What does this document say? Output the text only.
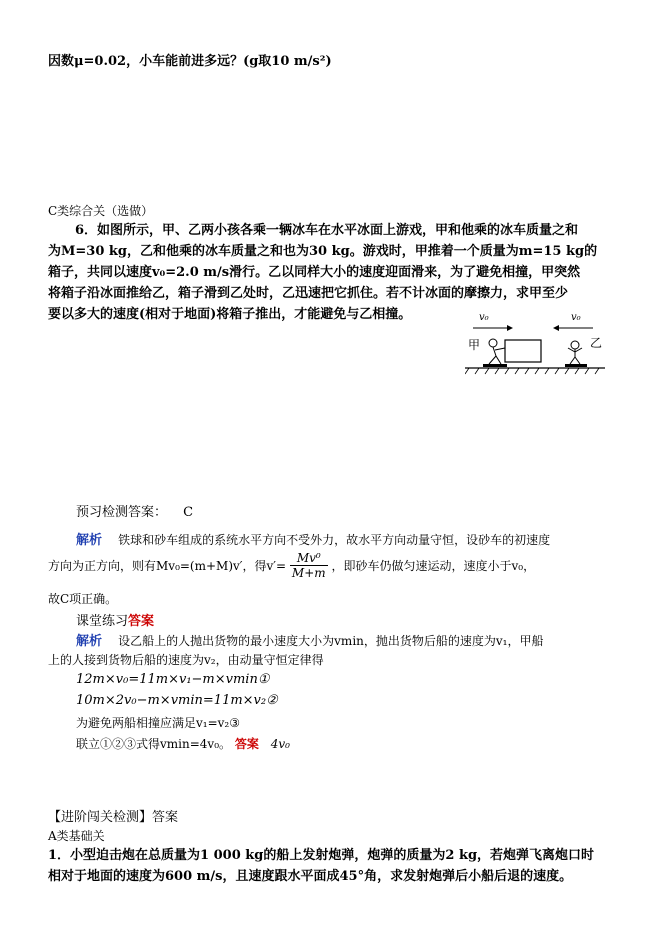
因数μ=0.02，小车能前进多远？(g取10 m/s²)
C类综合关（选做）
6．如图所示，甲、乙两小孩各乘一辆冰车在水平冰面上游戏，甲和他乘的冰车质量之和
为M=30 kg，乙和他乘的冰车质量之和也为30 kg。游戏时，甲推着一个质量为m=15 kg的
箱子，共同以速度v₀=2.0 m/s滑行。乙以同样大小的速度迎面滑来，为了避免相撞，甲突然
将箱子沿冰面推给乙，箱子滑到乙处时，乙迅速把它抓住。若不计冰面的摩擦力，求甲至少
要以多大的速度(相对于地面)将箱子推出，才能避免与乙相撞。	v₀	v₀
甲	乙
预习检测答案： C
解析 铁球和砂车组成的系统水平方向不受外力，故水平方向动量守恒，设砂车的初速度
方向为正方向，则有Mv₀=(m+M)v′，得$v'= \frac{\text{Mv⁰}}{M+m}$ ，即砂车仍做匀速运动，速度小于v₀，
故C项正确。
课堂练习答案
解析 设乙船上的人抛出货物的最小速度大小为vmin，抛出货物后船的速度为v₁，甲船
上的人接到货物后船的速度为v₂，由动量守恒定律得
12m×v₀=11m×v₁−m×vmin①
10m×2v₀−m×vmin=11m×v₂②
为避免两船相撞应满足v₁=v₂③
联立①②③式得vmin=4v₀。 答案 4v₀
【进阶闯关检测】答案
A类基础关
1．小型迫击炮在总质量为1 000 kg的船上发射炮弹，炮弹的质量为2 kg，若炮弹飞离炮口时
相对于地面的速度为600 m/s，且速度跟水平面成45°角，求发射炮弹后小船后退的速度。
